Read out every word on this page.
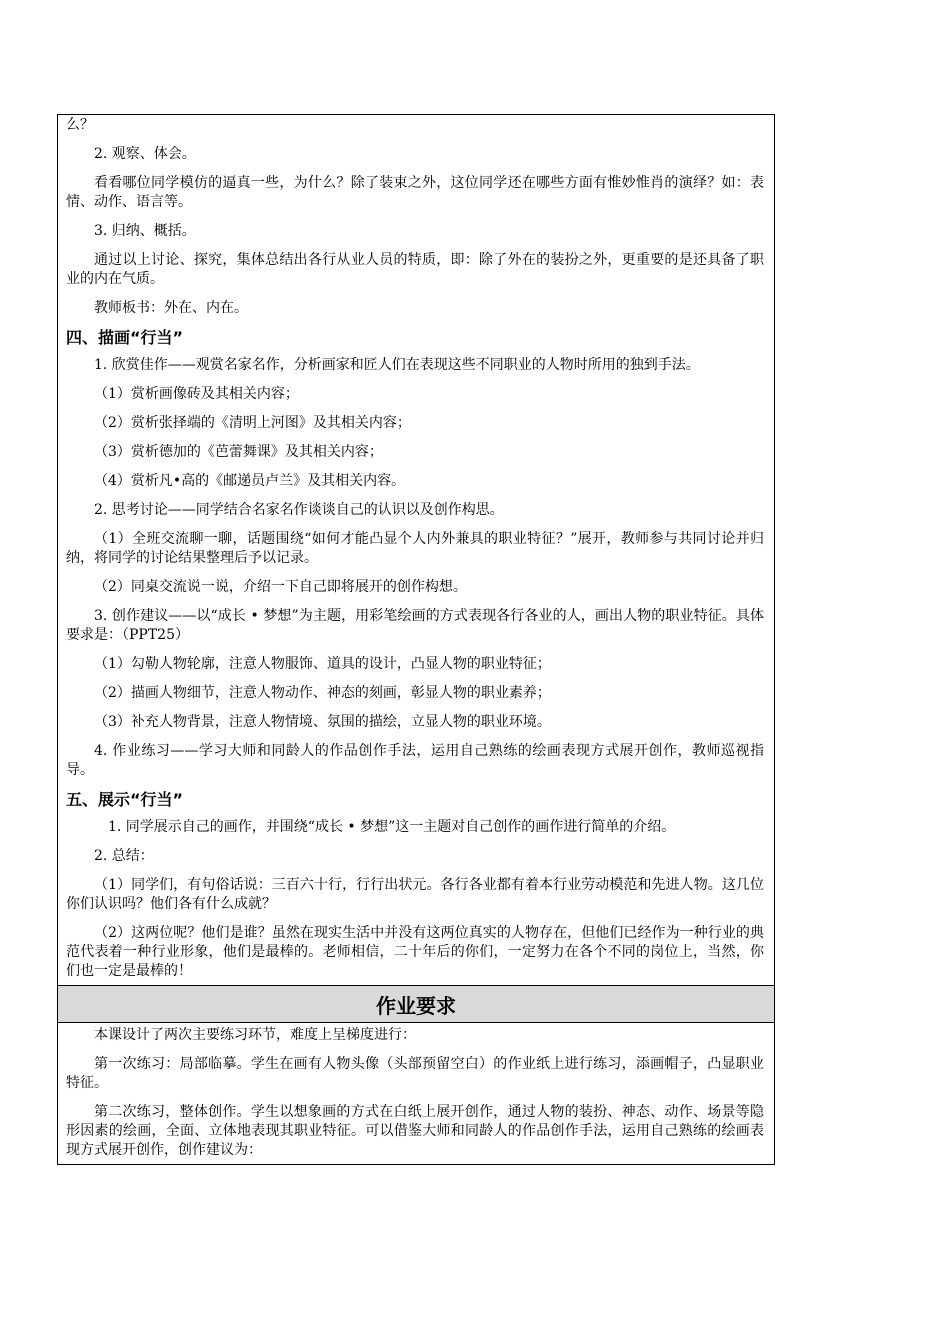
么？

2. 观察、体会。

看看哪位同学模仿的逼真一些，为什么？除了装束之外，这位同学还在哪些方面有惟妙惟肖的演绎？如：表情、动作、语言等。

3. 归纳、概括。

通过以上讨论、探究，集体总结出各行从业人员的特质，即：除了外在的装扮之外，更重要的是还具备了职业的内在气质。

教师板书：外在、内在。

四、描画“行当”

1. 欣赏佳作——观赏名家名作，分析画家和匠人们在表现这些不同职业的人物时所用的独到手法。

（1）赏析画像砖及其相关内容；

（2）赏析张择端的《清明上河图》及其相关内容；

（3）赏析德加的《芭蕾舞课》及其相关内容；

（4）赏析凡•高的《邮递员卢兰》及其相关内容。

2. 思考讨论——同学结合名家名作谈谈自己的认识以及创作构思。

（1）全班交流聊一聊，话题围绕“如何才能凸显个人内外兼具的职业特征？”展开，教师参与共同讨论并归纳，将同学的讨论结果整理后予以记录。

（2）同桌交流说一说，介绍一下自己即将展开的创作构想。

3. 创作建议——以“成长 • 梦想”为主题，用彩笔绘画的方式表现各行各业的人，画出人物的职业特征。具体要求是：（PPT25）

（1）勾勒人物轮廓，注意人物服饰、道具的设计，凸显人物的职业特征；

（2）描画人物细节，注意人物动作、神态的刻画，彰显人物的职业素养；

（3）补充人物背景，注意人物情境、氛围的描绘，立显人物的职业环境。

4. 作业练习——学习大师和同龄人的作品创作手法，运用自己熟练的绘画表现方式展开创作，教师巡视指导。

五、展示“行当”

1. 同学展示自己的画作，并围绕“成长 • 梦想”这一主题对自己创作的画作进行简单的介绍。

2. 总结：

（1）同学们，有句俗话说：三百六十行，行行出状元。各行各业都有着本行业劳动模范和先进人物。这几位你们认识吗？他们各有什么成就？

（2）这两位呢？他们是谁？虽然在现实生活中并没有这两位真实的人物存在，但他们已经作为一种行业的典范代表着一种行业形象，他们是最棒的。老师相信，二十年后的你们，一定努力在各个不同的岗位上，当然，你们也一定是最棒的！

作业要求

本课设计了两次主要练习环节，难度上呈梯度进行：

第一次练习：局部临摹。学生在画有人物头像（头部预留空白）的作业纸上进行练习，添画帽子，凸显职业特征。

第二次练习，整体创作。学生以想象画的方式在白纸上展开创作，通过人物的装扮、神态、动作、场景等隐形因素的绘画，全面、立体地表现其职业特征。可以借鉴大师和同龄人的作品创作手法，运用自己熟练的绘画表现方式展开创作，创作建议为：
